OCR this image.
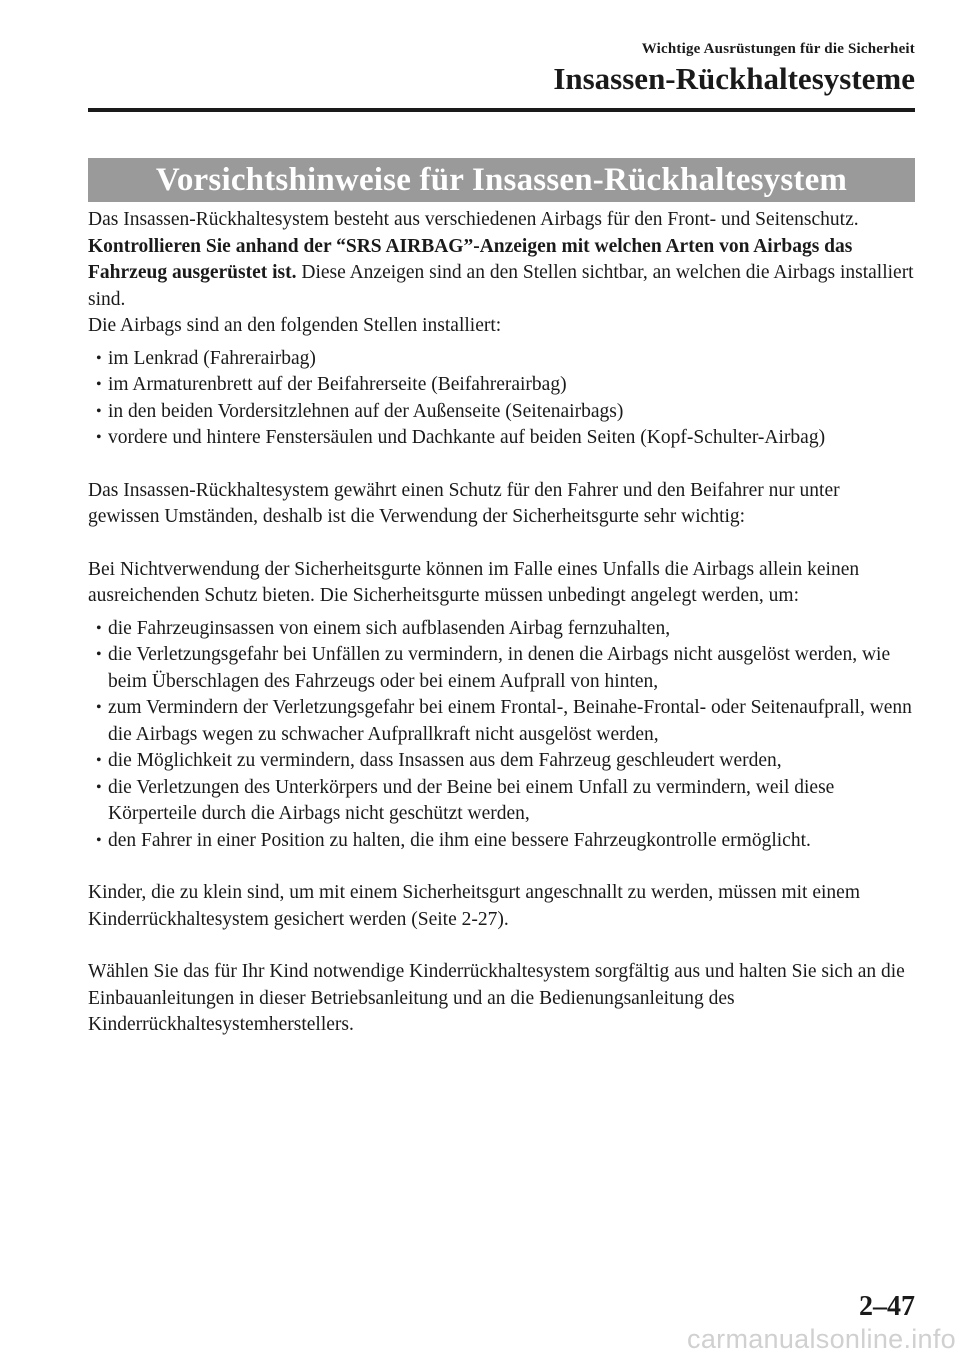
Wichtige Ausrüstungen für die Sicherheit
Insassen-Rückhaltesysteme
Vorsichtshinweise für Insassen-Rückhaltesystem

Das Insassen-Rückhaltesystem besteht aus verschiedenen Airbags für den Front- und Seitenschutz. Kontrollieren Sie anhand der “SRS AIRBAG”-Anzeigen mit welchen Arten von Airbags das Fahrzeug ausgerüstet ist. Diese Anzeigen sind an den Stellen sichtbar, an welchen die Airbags installiert sind.

Die Airbags sind an den folgenden Stellen installiert:

• im Lenkrad (Fahrerairbag)
• im Armaturenbrett auf der Beifahrerseite (Beifahrerairbag)
• in den beiden Vordersitzlehnen auf der Außenseite (Seitenairbags)
• vordere und hintere Fenstersäulen und Dachkante auf beiden Seiten (Kopf-Schulter-Airbag)

Das Insassen-Rückhaltesystem gewährt einen Schutz für den Fahrer und den Beifahrer nur unter gewissen Umständen, deshalb ist die Verwendung der Sicherheitsgurte sehr wichtig:

Bei Nichtverwendung der Sicherheitsgurte können im Falle eines Unfalls die Airbags allein keinen ausreichenden Schutz bieten. Die Sicherheitsgurte müssen unbedingt angelegt werden, um:

• die Fahrzeuginsassen von einem sich aufblasenden Airbag fernzuhalten,
• die Verletzungsgefahr bei Unfällen zu vermindern, in denen die Airbags nicht ausgelöst werden, wie beim Überschlagen des Fahrzeugs oder bei einem Aufprall von hinten,
• zum Vermindern der Verletzungsgefahr bei einem Frontal-, Beinahe-Frontal- oder Seitenaufprall, wenn die Airbags wegen zu schwacher Aufprallkraft nicht ausgelöst werden,
• die Möglichkeit zu vermindern, dass Insassen aus dem Fahrzeug geschleudert werden,
• die Verletzungen des Unterkörpers und der Beine bei einem Unfall zu vermindern, weil diese Körperteile durch die Airbags nicht geschützt werden,
• den Fahrer in einer Position zu halten, die ihm eine bessere Fahrzeugkontrolle ermöglicht.

Kinder, die zu klein sind, um mit einem Sicherheitsgurt angeschnallt zu werden, müssen mit einem Kinderrückhaltesystem gesichert werden (Seite 2-27).

Wählen Sie das für Ihr Kind notwendige Kinderrückhaltesystem sorgfältig aus und halten Sie sich an die Einbauanleitungen in dieser Betriebsanleitung und an die Bedienungsanleitung des Kinderrückhaltesystemherstellers.

2–47
carmanualsonline.info
